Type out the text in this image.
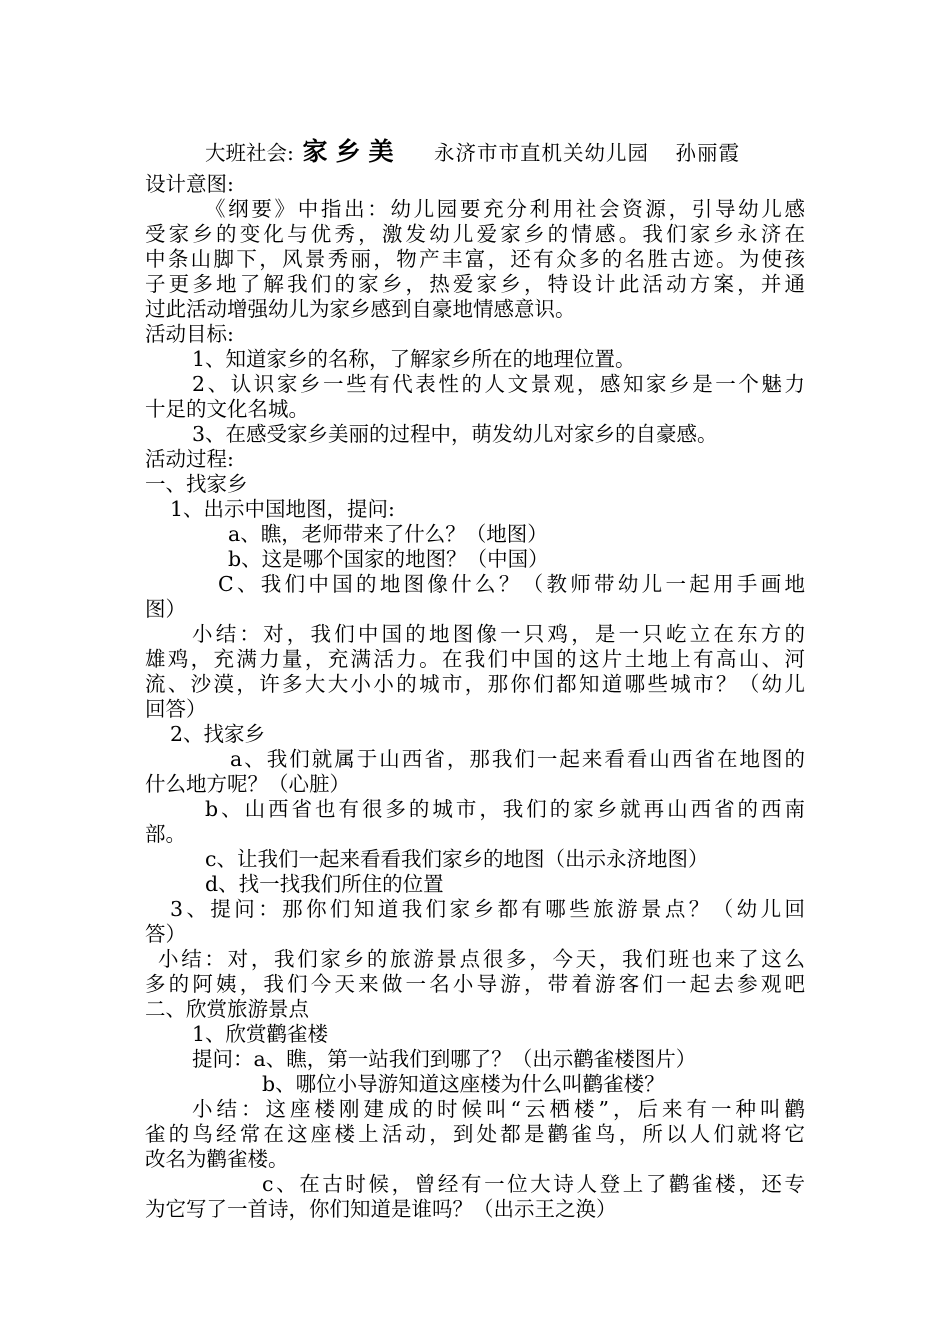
大班社会: 家乡美 永济市市直机关幼儿园 孙丽霞
设计意图:
《纲要》中指出：幼儿园要充分利用社会资源，引导幼儿感
受家乡的变化与优秀，激发幼儿爱家乡的情感。我们家乡永济在
中条山脚下，风景秀丽，物产丰富，还有众多的名胜古迹。为使孩
子更多地了解我们的家乡，热爱家乡，特设计此活动方案，并通
过此活动增强幼儿为家乡感到自豪地情感意识。
活动目标:
1、知道家乡的名称，了解家乡所在的地理位置。
2、认识家乡一些有代表性的人文景观，感知家乡是一个魅力
十足的文化名城。
3、在感受家乡美丽的过程中，萌发幼儿对家乡的自豪感。
活动过程:
一、找家乡
1、出示中国地图，提问:
a、瞧，老师带来了什么？（地图）
b、这是哪个国家的地图？（中国）
C、我们中国的地图像什么？（教师带幼儿一起用手画地
图）
小结：对，我们中国的地图像一只鸡，是一只屹立在东方的
雄鸡，充满力量，充满活力。在我们中国的这片土地上有高山、河
流、沙漠，许多大大小小的城市，那你们都知道哪些城市？（幼儿
回答）
2、找家乡
a、我们就属于山西省，那我们一起来看看山西省在地图的
什么地方呢？（心脏）
b、山西省也有很多的城市，我们的家乡就再山西省的西南
部。
c、让我们一起来看看我们家乡的地图（出示永济地图）
d、找一找我们所住的位置
3、提问：那你们知道我们家乡都有哪些旅游景点？（幼儿回
答）
小结：对，我们家乡的旅游景点很多，今天，我们班也来了这么
多的阿姨，我们今天来做一名小导游，带着游客们一起去参观吧
二、欣赏旅游景点
1、欣赏鹳雀楼
提问：a、瞧，第一站我们到哪了？（出示鹳雀楼图片）
b、哪位小导游知道这座楼为什么叫鹳雀楼？
小结：这座楼刚建成的时候叫“云栖楼”，后来有一种叫鹳
雀的鸟经常在这座楼上活动，到处都是鹳雀鸟，所以人们就将它
改名为鹳雀楼。
c、在古时候，曾经有一位大诗人登上了鹳雀楼，还专
为它写了一首诗，你们知道是谁吗？（出示王之涣）
